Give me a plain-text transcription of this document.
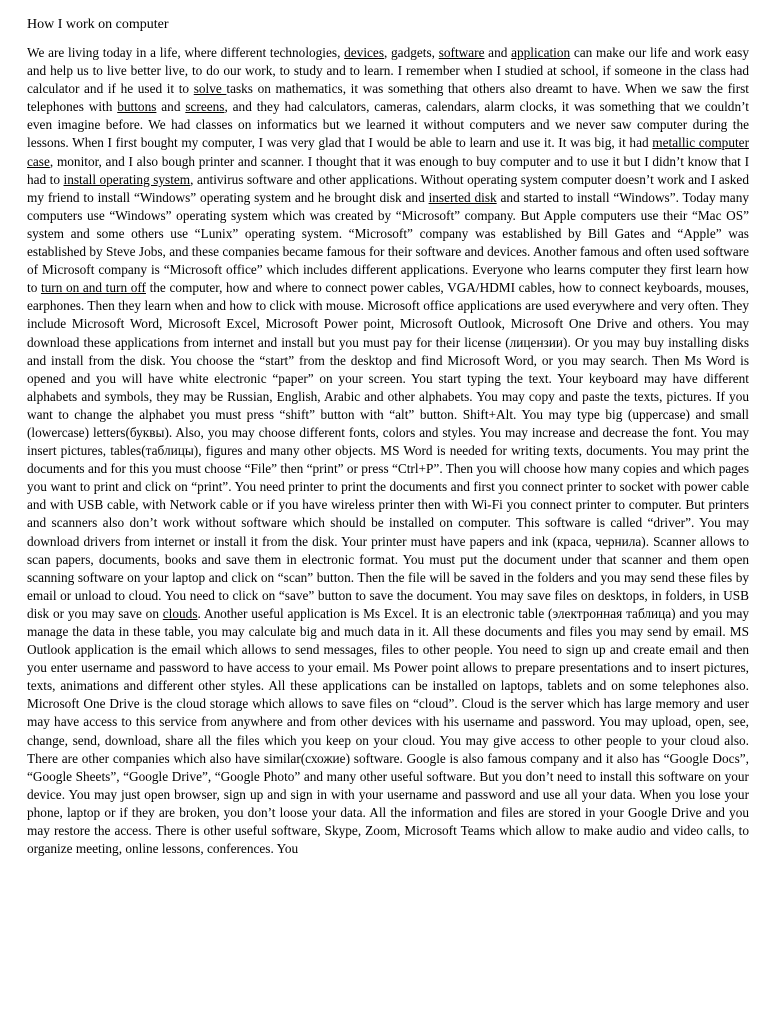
How I work on computer

We are living today in a life, where different technologies, devices, gadgets, software and application can make our life and work easy and help us to live better live, to do our work, to study and to learn. I remember when I studied at school, if someone in the class had calculator and if he used it to solve tasks on mathematics, it was something that others also dreamt to have. When we saw the first telephones with buttons and screens, and they had calculators, cameras, calendars, alarm clocks, it was something that we couldn’t even imagine before. We had classes on informatics but we learned it without computers and we never saw computer during the lessons. When I first bought my computer, I was very glad that I would be able to learn and use it. It was big, it had metallic computer case, monitor, and I also bough printer and scanner. I thought that it was enough to buy computer and to use it but I didn’t know that I had to install operating system, antivirus software and other applications. Without operating system computer doesn’t work and I asked my friend to install “Windows” operating system and he brought disk and inserted disk and started to install “Windows”. Today many computers use “Windows” operating system which was created by “Microsoft” company. But Apple computers use their “Mac OS” system and some others use “Lunix” operating system. “Microsoft” company was established by Bill Gates and “Apple” was established by Steve Jobs, and these companies became famous for their software and devices. Another famous and often used software of Microsoft company is “Microsoft office” which includes different applications. Everyone who learns computer they first learn how to turn on and turn off the computer, how and where to connect power cables, VGA/HDMI cables, how to connect keyboards, mouses, earphones. Then they learn when and how to click with mouse. Microsoft office applications are used everywhere and very often. They include Microsoft Word, Microsoft Excel, Microsoft Power point, Microsoft Outlook, Microsoft One Drive and others. You may download these applications from internet and install but you must pay for their license (лицензии). Or you may buy installing disks and install from the disk. You choose the “start” from the desktop and find Microsoft Word, or you may search. Then Ms Word is opened and you will have white electronic “paper” on your screen. You start typing the text. Your keyboard may have different alphabets and symbols, they may be Russian, English, Arabic and other alphabets. You may copy and paste the texts, pictures. If you want to change the alphabet you must press “shift” button with “alt” button. Shift+Alt. You may type big (uppercase) and small (lowercase) letters(буквы). Also, you may choose different fonts, colors and styles. You may increase and decrease the font. You may insert pictures, tables(таблицы), figures and many other objects. MS Word is needed for writing texts, documents. You may print the documents and for this you must choose “File” then “print” or press “Ctrl+P”. Then you will choose how many copies and which pages you want to print and click on “print”. You need printer to print the documents and first you connect printer to socket with power cable and with USB cable, with Network cable or if you have wireless printer then with Wi-Fi you connect printer to computer. But printers and scanners also don’t work without software which should be installed on computer. This software is called “driver”. You may download drivers from internet or install it from the disk. Your printer must have papers and ink (краса, чернила). Scanner allows to scan papers, documents, books and save them in electronic format. You must put the document under that scanner and them open scanning software on your laptop and click on “scan” button. Then the file will be saved in the folders and you may send these files by email or unload to cloud. You need to click on “save” button to save the document. You may save files on desktops, in folders, in USB disk or you may save on clouds. Another useful application is Ms Excel. It is an electronic table (электронная таблица) and you may manage the data in these table, you may calculate big and much data in it. All these documents and files you may send by email. MS Outlook application is the email which allows to send messages, files to other people. You need to sign up and create email and then you enter username and password to have access to your email. Ms Power point allows to prepare presentations and to insert pictures, texts, animations and different other styles. All these applications can be installed on laptops, tablets and on some telephones also. Microsoft One Drive is the cloud storage which allows to save files on “cloud”. Cloud is the server which has large memory and user may have access to this service from anywhere and from other devices with his username and password. You may upload, open, see, change, send, download, share all the files which you keep on your cloud. You may give access to other people to your cloud also. There are other companies which also have similar(схожие) software. Google is also famous company and it also has “Google Docs”, “Google Sheets”, “Google Drive”, “Google Photo” and many other useful software. But you don’t need to install this software on your device. You may just open browser, sign up and sign in with your username and password and use all your data. When you lose your phone, laptop or if they are broken, you don’t loose your data. All the information and files are stored in your Google Drive and you may restore the access. There is other useful software, Skype, Zoom, Microsoft Teams which allow to make audio and video calls, to organize meeting, online lessons, conferences. You
